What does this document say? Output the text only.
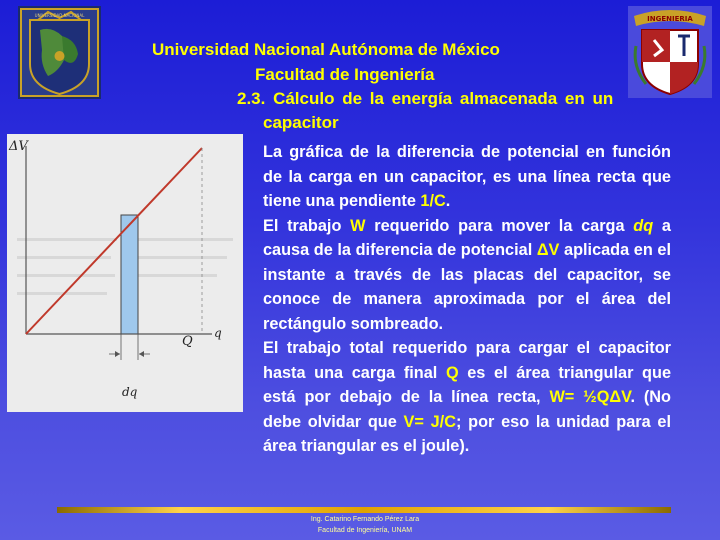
UNIVERSIDAD NACIONAL	INGENIERIA

Universidad Nacional Autónoma de México

Facultad de Ingeniería

2.3. Cálculo de la energía almacenada en un

capacitor

ΔV
Q
q
dq

La gráfica de la diferencia de potencial en función de la carga en un capacitor, es una línea recta que tiene una pendiente 1/C.

El trabajo W requerido para mover la carga dq a causa de la diferencia de potencial ΔV aplicada en el instante a través de las placas del capacitor, se conoce de manera aproximada por el área del rectángulo sombreado.

El trabajo total requerido para cargar el capacitor hasta una carga final Q es el área triangular que está por debajo de la línea recta, W= ½QΔV. (No debe olvidar que V= J/C; por eso la unidad para el área triangular es el joule).

Ing. Catarino Fernando Pérez Lara
Facultad de Ingeniería, UNAM
